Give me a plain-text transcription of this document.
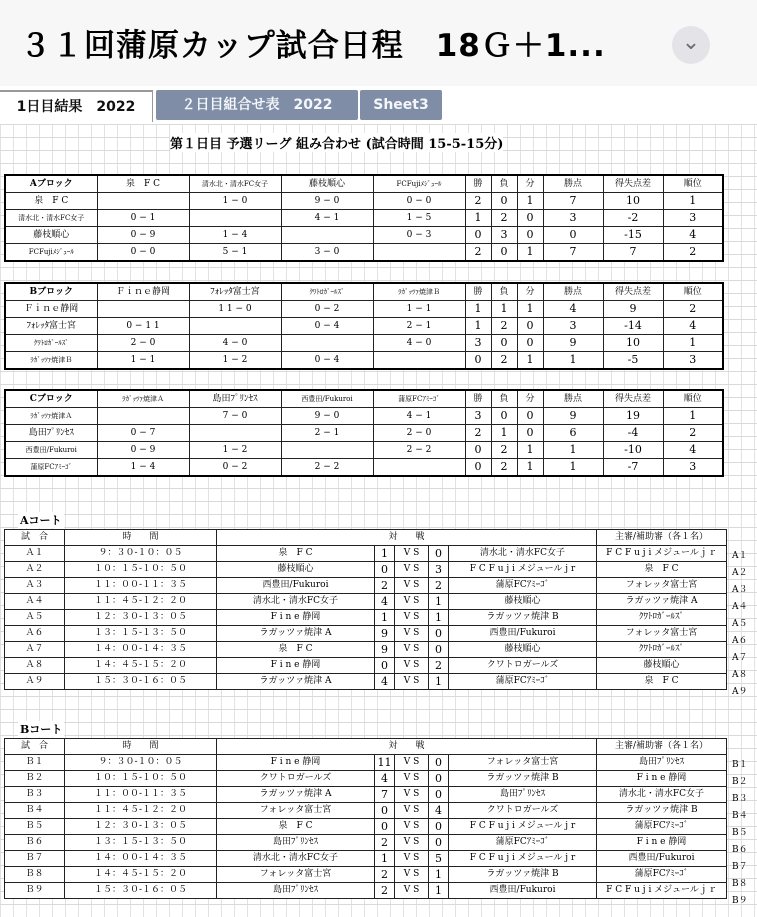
３１回蒲原カップ試合日程　18Ｇ＋1...	⌄
1日目結果　2022	２日目組合せ表　2022	Sheet3
第１日目 予選リーグ 組み合わせ (試合時間 15-5-15分)
Aブロック	泉　F C	清水北・清水FC女子	藤枝順心	FCFujiﾒｼﾞｭｰﾙ	勝	負	分	勝点	得失点差	順位
泉　F C		1 − 0	9 − 0	0 − 0	2	0	1	7	10	1
清水北・清水FC女子	0 − 1		4 − 1	1 − 5	1	2	0	3	-2	3
藤枝順心	0 − 9	1 − 4		0 − 3	0	3	0	0	-15	4
FCFujiﾒｼﾞｭｰﾙ	0 − 0	5 − 1	3 − 0		2	0	1	7	7	2
Bブロック	Ｆｉｎｅ静岡	ﾌｫﾚｯﾀ富士宮	ｸﾜﾄﾛｶﾞｰﾙｽﾞ	ﾗｶﾞｯﾂｧ焼津Ｂ	勝	負	分	勝点	得失点差	順位
Ｆｉｎｅ静岡		1 1 − 0	0 − 2	1 − 1	1	1	1	4	9	2
ﾌｫﾚｯﾀ富士宮	0 − 1 1		0 − 4	2 − 1	1	2	0	3	-14	4
ｸﾜﾄﾛｶﾞｰﾙｽﾞ	2 − 0	4 − 0		4 − 0	3	0	0	9	10	1
ﾗｶﾞｯﾂｧ焼津Ｂ	1 − 1	1 − 2	0 − 4		0	2	1	1	-5	3
Cブロック	ﾗｶﾞｯﾂｧ焼津Ａ	島田ﾌﾟﾘﾝｾｽ	西豊田/Fukuroi	蒲原FCｱﾐｰｺﾞ	勝	負	分	勝点	得失点差	順位
ﾗｶﾞｯﾂｧ焼津Ａ		7 − 0	9 − 0	4 − 1	3	0	0	9	19	1
島田ﾌﾟﾘﾝｾｽ	0 − 7		2 − 1	2 − 0	2	1	0	6	-4	2
西豊田/Fukuroi	0 − 9	1 − 2		2 − 2	0	2	1	1	-10	4
蒲原FCｱﾐｰｺﾞ	1 − 4	0 − 2	2 − 2		0	2	1	1	-7	3
Aコート
試　合	時　　間	対　　戦					主審/補助審（各１名）
Ａ１	９：３０-１０：０５	泉　F C	1	V S	0	清水北・清水FC女子	F C F u j i メジュールｊｒ
Ａ２	１０：１５-１０：５０	藤枝順心	0	V S	3	F C F u j i メジュール j r	泉　F C
Ａ３	１１：００-１１：３５	西豊田/Fukuroi	2	V S	2	蒲原FCｱﾐｰｺﾞ	フォレッタ富士宮
Ａ４	１１：４５-１２：２０	清水北・清水FC女子	4	V S	1	藤枝順心	ラガッツァ焼津 A
Ａ５	１２：３０-１３：０５	F i n e 静岡	1	V S	1	ラガッツァ焼津 B	ｸﾜﾄﾛｶﾞｰﾙｽﾞ
Ａ６	１３：１５-１３：５０	ラガッツァ焼津 A	9	V S	0	西豊田/Fukuroi	フォレッタ富士宮
Ａ７	１４：００-１４：３５	泉　F C	9	V S	0	藤枝順心	ｸﾜﾄﾛｶﾞｰﾙｽﾞ
Ａ８	１４：４５-１５：２０	F i n e 静岡	0	V S	2	クワトロガールズ	藤枝順心
Ａ９	１５：３０-１６：０５	ラガッツァ焼津 A	4	V S	1	蒲原FCｱﾐｰｺﾞ	泉　F C
A１
A２
A３
A４
A５
A６
A７
A８
A９
Bコート
試　合	時　　間	対　　戦					主審/補助審（各１名）
Ｂ１	９：３０-１０：０５	F i n e 静岡	11	V S	0	フォレッタ富士宮	島田ﾌﾟﾘﾝｾｽ
Ｂ２	１０：１５-１０：５０	クワトロガールズ	4	V S	0	ラガッツァ焼津 B	F i n e 静岡
Ｂ３	１１：００-１１：３５	ラガッツァ焼津 A	7	V S	0	島田ﾌﾟﾘﾝｾｽ	清水北・清水FC女子
Ｂ４	１１：４５-１２：２０	フォレッタ富士宮	0	V S	4	クワトロガールズ	ラガッツァ焼津 B
Ｂ５	１２：３０-１３：０５	泉　F C	0	V S	0	F C F u j i メジュール j r	蒲原FCｱﾐｰｺﾞ
Ｂ６	１３：１５-１３：５０	島田ﾌﾟﾘﾝｾｽ	2	V S	0	蒲原FCｱﾐｰｺﾞ	F i n e 静岡
Ｂ７	１４：００-１４：３５	清水北・清水FC女子	1	V S	5	F C F u j i メジュール j r	西豊田/Fukuroi
Ｂ８	１４：４５-１５：２０	フォレッタ富士宮	2	V S	1	ラガッツァ焼津 B	蒲原FCｱﾐｰｺﾞ
Ｂ９	１５：３０-１６：０５	島田ﾌﾟﾘﾝｾｽ	2	V S	1	西豊田/Fukuroi	F C F u j i メジュールｊｒ
B１
B２
B３
B４
B５
B６
B７
B８
B９
